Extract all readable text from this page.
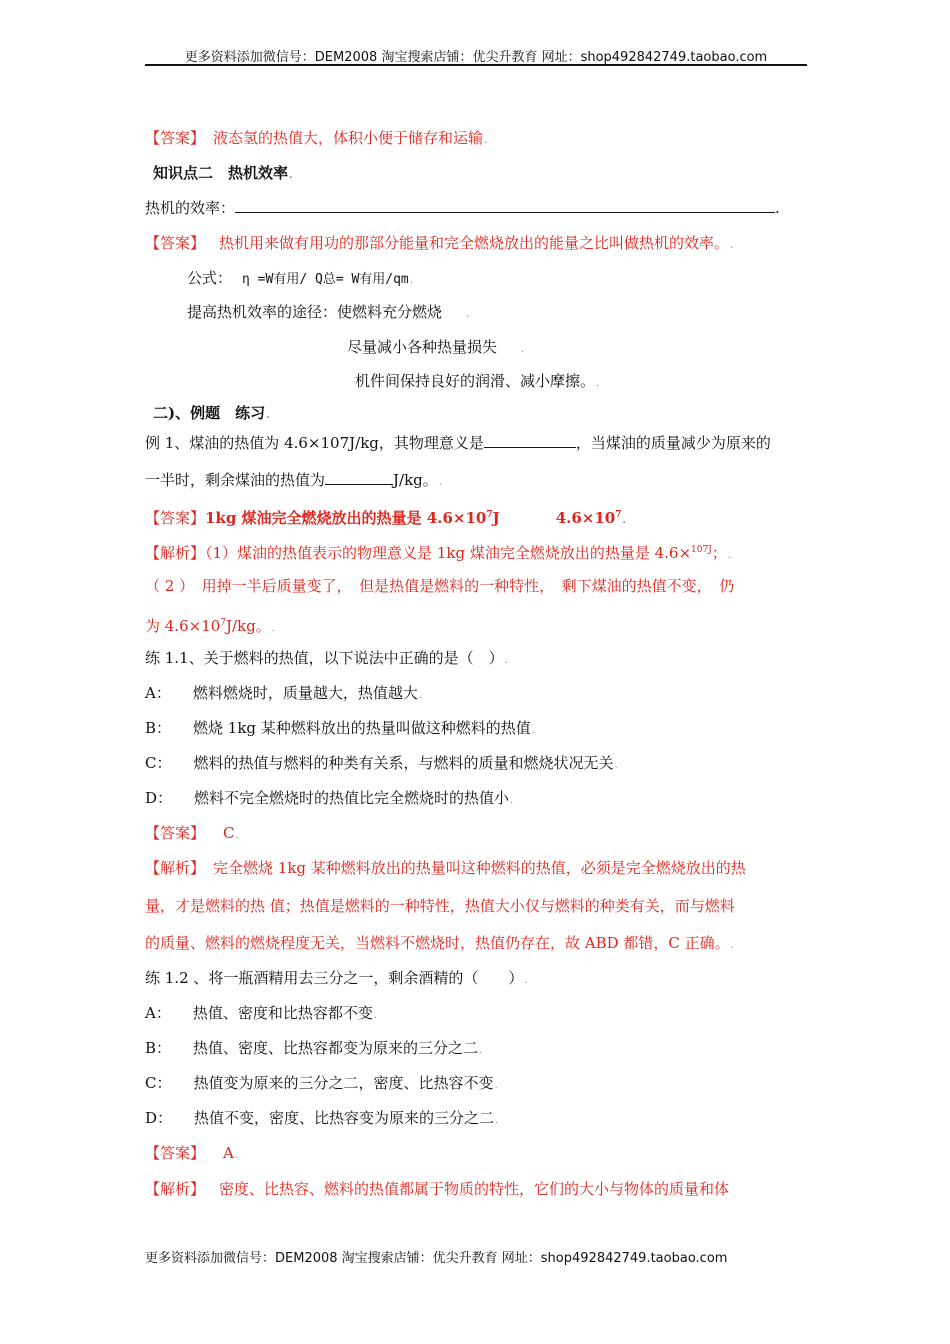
更多资料添加微信号：DEM2008 淘宝搜索店铺：优尖升教育 网址：shop492842749.taobao.com
【答案】 液态氢的热值大，体积小便于储存和运输.
知识点二　热机效率.
热机的效率：	.
【答案】 热机用来做有用功的那部分能量和完全燃烧放出的能量之比叫做热机的效率。.
公式： η =W有用/ Q总= W有用/qm.
提高热机效率的途径：使燃料充分燃烧 .
尽量减小各种热量损失 .
机件间保持良好的润滑、减小摩擦。.
二)、例题　练习.
例 1、煤油的热值为 4.6×107J/kg，其物理意义是	，当煤油的质量减少为原来的
一半时，剩余煤油的热值为	J/kg。.
【答案】1kg 煤油完全燃烧放出的热量是 $4.6\times 10^7J$	$4.6\times 10^7$.
【解析】（1）煤油的热值表示的物理意义是 1kg 煤油完全燃烧放出的热量是 4.6×$^{107J}$；.
（ 2 ）　用掉一半后质量变了，　但是热值是燃料的一种特性，　剩下煤油的热值不变，　仍
为 $4.6\times 10^7J/kg$。.
练 1.1、关于燃料的热值，以下说法中正确的是（　）.
A： 燃料燃烧时，质量越大，热值越大.
B： 燃烧 1kg 某种燃料放出的热量叫做这种燃料的热值.
C： 燃料的热值与燃料的种类有关系，与燃料的质量和燃烧状况无关.
D： 燃料不完全燃烧时的热值比完全燃烧时的热值小.
【答案】 C.
【解析】 完全燃烧 1kg 某种燃料放出的热量叫这种燃料的热值，必须是完全燃烧放出的热
量，才是燃料的热 值；热值是燃料的一种特性，热值大小仅与燃料的种类有关，而与燃料
的质量、燃料的燃烧程度无关，当燃料不燃烧时，热值仍存在，故 ABD 都错，C 正确。.
练 1.2 、将一瓶酒精用去三分之一，剩余酒精的（　　）.
A： 热值、密度和比热容都不变.
B： 热值、密度、比热容都变为原来的三分之二.
C： 热值变为原来的三分之二，密度、比热容不变.
D： 热值不变，密度、比热容变为原来的三分之二.
【答案】 A.
【解析】 密度、比热容、燃料的热值都属于物质的特性，它们的大小与物体的质量和体
更多资料添加微信号：DEM2008 淘宝搜索店铺：优尖升教育 网址：shop492842749.taobao.com
